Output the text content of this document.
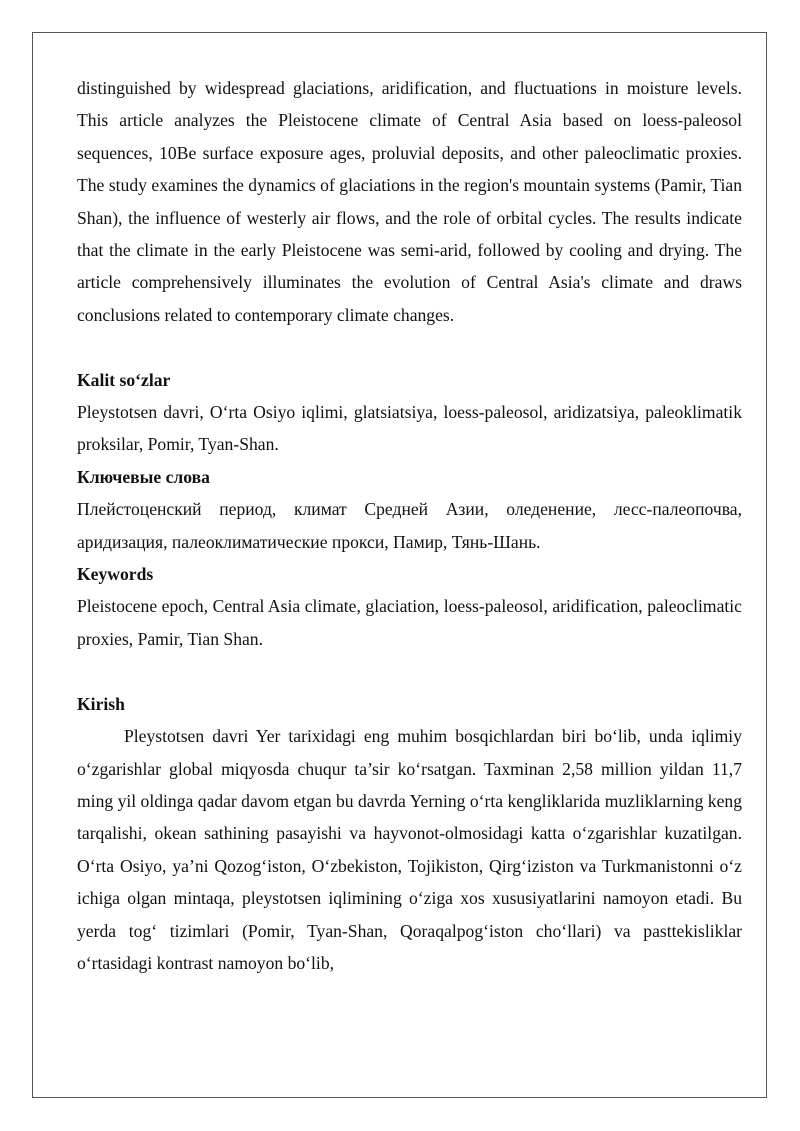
distinguished by widespread glaciations, aridification, and fluctuations in moisture levels. This article analyzes the Pleistocene climate of Central Asia based on loess-paleosol sequences, 10Be surface exposure ages, proluvial deposits, and other paleoclimatic proxies. The study examines the dynamics of glaciations in the region's mountain systems (Pamir, Tian Shan), the influence of westerly air flows, and the role of orbital cycles. The results indicate that the climate in the early Pleistocene was semi-arid, followed by cooling and drying. The article comprehensively illuminates the evolution of Central Asia's climate and draws conclusions related to contemporary climate changes.

Kalit so‘zlar

Pleystotsen davri, O‘rta Osiyo iqlimi, glatsiatsiya, loess-paleosol, aridizatsiya, paleoklimatik proksilar, Pomir, Tyan-Shan.

Ключевые слова

Плейстоценский период, климат Средней Азии, оледенение, лесс-палеопочва, аридизация, палеоклиматические прокси, Памир, Тянь-Шань.

Keywords

Pleistocene epoch, Central Asia climate, glaciation, loess-paleosol, aridification, paleoclimatic proxies, Pamir, Tian Shan.

Kirish

Pleystotsen davri Yer tarixidagi eng muhim bosqichlardan biri bo‘lib, unda iqlimiy o‘zgarishlar global miqyosda chuqur ta’sir ko‘rsatgan. Taxminan 2,58 million yildan 11,7 ming yil oldinga qadar davom etgan bu davrda Yerning o‘rta kengliklarida muzliklarning keng tarqalishi, okean sathining pasayishi va hayvonot-olmosidagi katta o‘zgarishlar kuzatilgan. O‘rta Osiyo, ya’ni Qozog‘iston, O‘zbekiston, Tojikiston, Qirg‘iziston va Turkmanistonni o‘z ichiga olgan mintaqa, pleystotsen iqlimining o‘ziga xos xususiyatlarini namoyon etadi. Bu yerda tog‘ tizimlari (Pomir, Tyan-Shan, Qoraqalpog‘iston cho‘llari) va pasttekisliklar o‘rtasidagi kontrast namoyon bo‘lib,
